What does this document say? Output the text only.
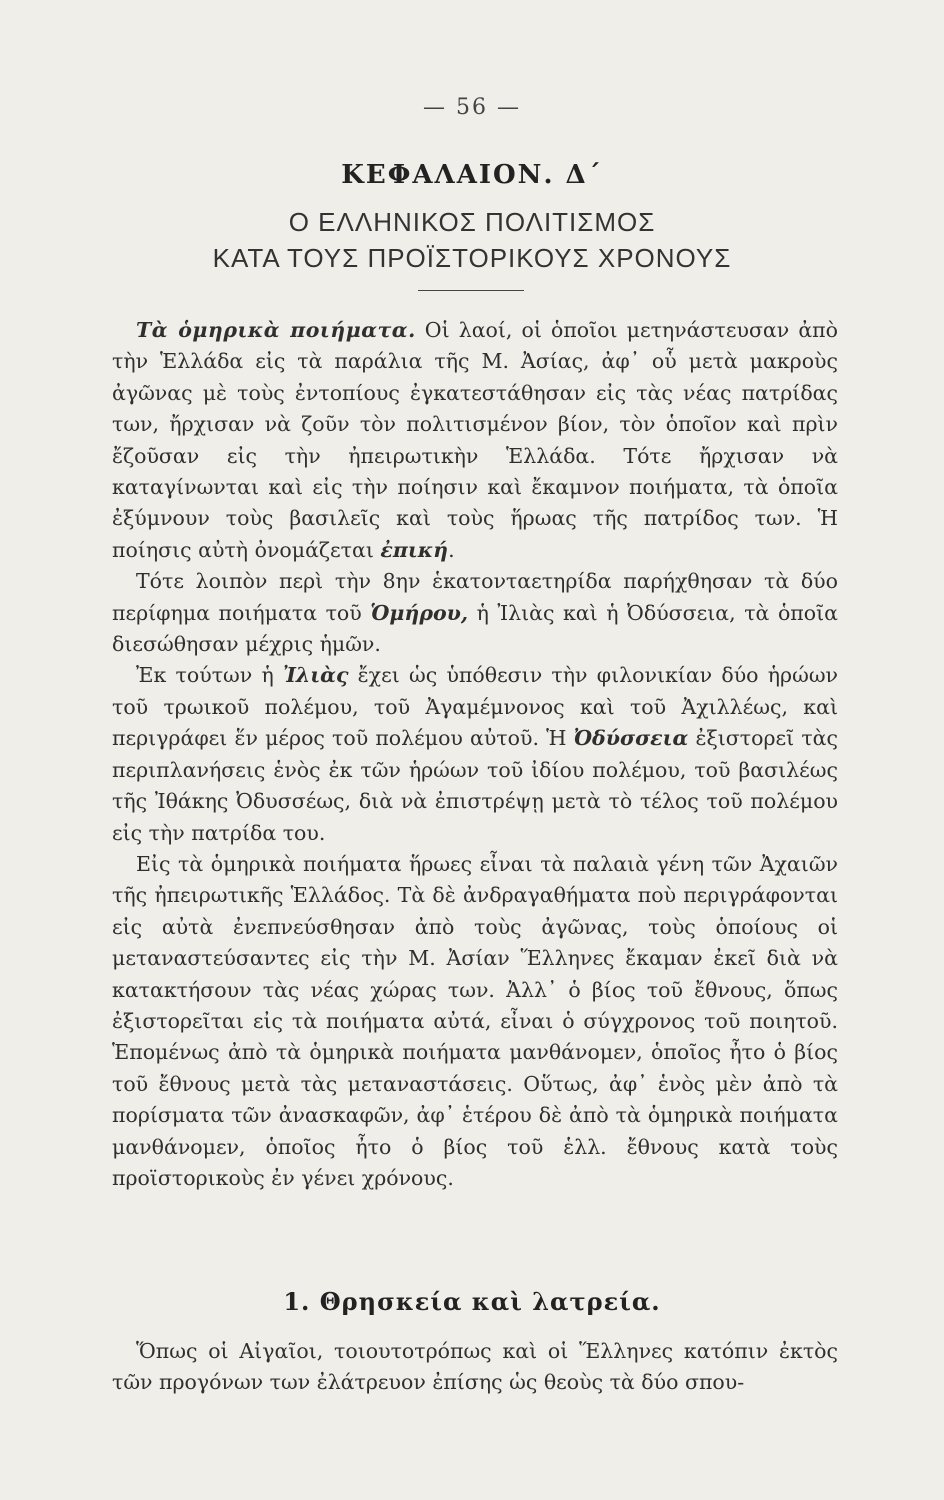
— 56 —
ΚΕΦΑΛΑΙΟΝ. Δ΄
Ο ΕΛΛΗΝΙΚΟΣ ΠΟΛΙΤΙΣΜΟΣ
ΚΑΤΑ ΤΟΥΣ ΠΡΟΪΣΤΟΡΙΚΟΥΣ ΧΡΟΝΟΥΣ

Τὰ ὁμηρικὰ ποιήματα. Οἱ λαοί, οἱ ὁποῖοι μετηνάστευσαν ἀπὸ τὴν Ἑλλάδα εἰς τὰ παράλια τῆς Μ. Ἀσίας, ἀφ᾽ οὗ μετὰ μακροὺς ἀγῶνας μὲ τοὺς ἐντοπίους ἐγκατεστάθησαν εἰς τὰς νέας πατρίδας των, ἤρχισαν νὰ ζοῦν τὸν πολιτισμένον βίον, τὸν ὁποῖον καὶ πρὶν ἔζοῦσαν εἰς τὴν ἠπειρωτικὴν Ἑλλάδα. Τότε ἤρχισαν νὰ καταγίνωνται καὶ εἰς τὴν ποίησιν καὶ ἔκαμνον ποιήματα, τὰ ὁποῖα ἐξύμνουν τοὺς βασιλεῖς καὶ τοὺς ἥρωας τῆς πατρίδος των. Ἡ ποίησις αὐτὴ ὀνομάζεται ἐπική.

Τότε λοιπὸν περὶ τὴν 8ην ἑκατονταετηρίδα παρήχθησαν τὰ δύο περίφημα ποιήματα τοῦ Ὁμήρου, ἡ Ἰλιὰς καὶ ἡ Ὀδύσσεια, τὰ ὁποῖα διεσώθησαν μέχρις ἡμῶν.

Ἐκ τούτων ἡ Ἰλιὰς ἔχει ὡς ὑπόθεσιν τὴν φιλονικίαν δύο ἡρώων τοῦ τρωικοῦ πολέμου, τοῦ Ἀγαμέμνονος καὶ τοῦ Ἀχιλλέως, καὶ περιγράφει ἕν μέρος τοῦ πολέμου αὐτοῦ. Ἡ Ὀδύσσεια ἐξιστορεῖ τὰς περιπλανήσεις ἑνὸς ἐκ τῶν ἡρώων τοῦ ἰδίου πολέμου, τοῦ βασιλέως τῆς Ἰθάκης Ὀδυσσέως, διὰ νὰ ἐπιστρέψῃ μετὰ τὸ τέλος τοῦ πολέμου εἰς τὴν πατρίδα του.

Εἰς τὰ ὁμηρικὰ ποιήματα ἥρωες εἶναι τὰ παλαιὰ γένη τῶν Ἀχαιῶν τῆς ἠπειρωτικῆς Ἑλλάδος. Τὰ δὲ ἀνδραγαθήματα ποὺ περιγράφονται εἰς αὐτὰ ἐνεπνεύσθησαν ἀπὸ τοὺς ἀγῶνας, τοὺς ὁποίους οἱ μεταναστεύσαντες εἰς τὴν Μ. Ἀσίαν Ἕλληνες ἔκαμαν ἐκεῖ διὰ νὰ κατακτήσουν τὰς νέας χώρας των. Ἀλλ᾽ ὁ βίος τοῦ ἔθνους, ὅπως ἐξιστορεῖται εἰς τὰ ποιήματα αὐτά, εἶναι ὁ σύγχρονος τοῦ ποιητοῦ. Ἑπομένως ἀπὸ τὰ ὁμηρικὰ ποιήματα μανθάνομεν, ὁποῖος ἦτο ὁ βίος τοῦ ἔθνους μετὰ τὰς μεταναστάσεις. Οὕτως, ἀφ᾽ ἑνὸς μὲν ἀπὸ τὰ πορίσματα τῶν ἀνασκαφῶν, ἀφ᾽ ἑτέρου δὲ ἀπὸ τὰ ὁμηρικὰ ποιήματα μανθάνομεν, ὁποῖος ἦτο ὁ βίος τοῦ ἑλλ. ἔθνους κατὰ τοὺς προϊστορικοὺς ἐν γένει χρόνους.

1. Θρησκεία καὶ λατρεία.

Ὅπως οἱ Αἰγαῖοι, τοιουτοτρόπως καὶ οἱ Ἕλληνες κατόπιν ἐκτὸς τῶν προγόνων των ἐλάτρευον ἐπίσης ὡς θεοὺς τὰ δύο σπου-
